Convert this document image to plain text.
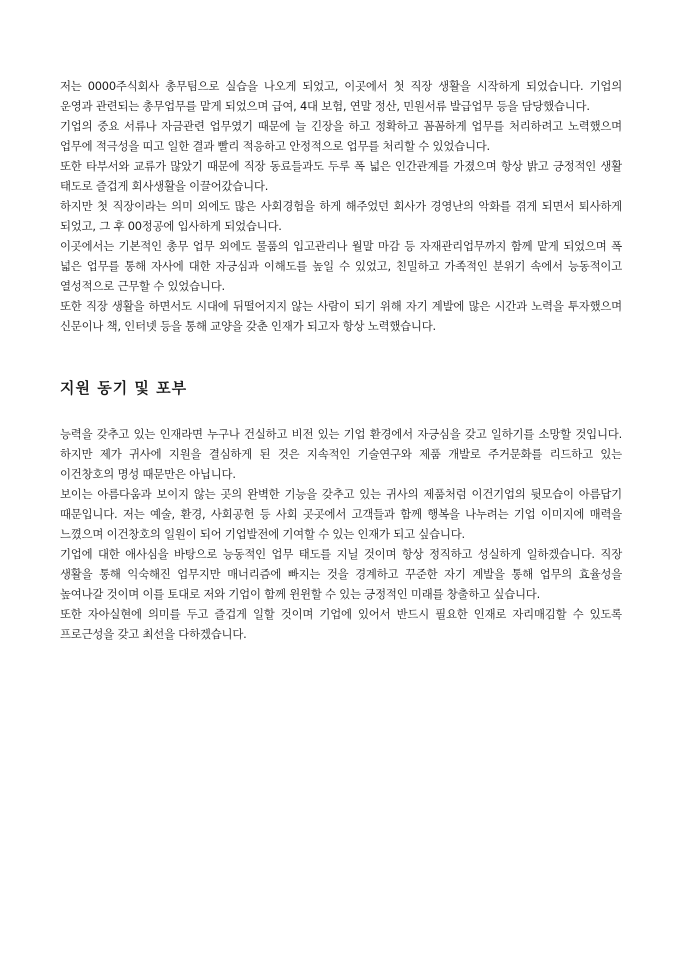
저는 0000주식회사 총무팀으로 실습을 나오게 되었고, 이곳에서 첫 직장 생활을 시작하게 되었습니다. 기업의 운영과 관련되는 총무업무를 맡게 되었으며 급여, 4대 보험, 연말 정산, 민원서류 발급업무 등을 담당했습니다.

기업의 중요 서류나 자금관련 업무였기 때문에 늘 긴장을 하고 정확하고 꼼꼼하게 업무를 처리하려고 노력했으며 업무에 적극성을 띠고 일한 결과 빨리 적응하고 안정적으로 업무를 처리할 수 있었습니다.

또한 타부서와 교류가 많았기 때문에 직장 동료들과도 두루 폭 넓은 인간관계를 가졌으며 항상 밝고 긍정적인 생활 태도로 즐겁게 회사생활을 이끌어갔습니다.

하지만 첫 직장이라는 의미 외에도 많은 사회경험을 하게 해주었던 회사가 경영난의 악화를 겪게 되면서 퇴사하게 되었고, 그 후 00정공에 입사하게 되었습니다.

이곳에서는 기본적인 총무 업무 외에도 물품의 입고관리나 월말 마감 등 자재관리업무까지 함께 맡게 되었으며 폭 넓은 업무를 통해 자사에 대한 자긍심과 이해도를 높일 수 있었고, 친밀하고 가족적인 분위기 속에서 능동적이고 열성적으로 근무할 수 있었습니다.

또한 직장 생활을 하면서도 시대에 뒤떨어지지 않는 사람이 되기 위해 자기 계발에 많은 시간과 노력을 투자했으며 신문이나 책, 인터넷 등을 통해 교양을 갖춘 인재가 되고자 항상 노력했습니다.

지원 동기 및 포부

능력을 갖추고 있는 인재라면 누구나 건실하고 비전 있는 기업 환경에서 자긍심을 갖고 일하기를 소망할 것입니다. 하지만 제가 귀사에 지원을 결심하게 된 것은 지속적인 기술연구와 제품 개발로 주거문화를 리드하고 있는 이건창호의 명성 때문만은 아닙니다.

보이는 아름다움과 보이지 않는 곳의 완벽한 기능을 갖추고 있는 귀사의 제품처럼 이건기업의 뒷모습이 아름답기 때문입니다. 저는 예술, 환경, 사회공헌 등 사회 곳곳에서 고객들과 함께 행복을 나누려는 기업 이미지에 매력을 느꼈으며 이건창호의 일원이 되어 기업발전에 기여할 수 있는 인재가 되고 싶습니다.

기업에 대한 애사심을 바탕으로 능동적인 업무 태도를 지닐 것이며 항상 정직하고 성실하게 일하겠습니다. 직장 생활을 통해 익숙해진 업무지만 매너리즘에 빠지는 것을 경계하고 꾸준한 자기 계발을 통해 업무의 효율성을 높여나갈 것이며 이를 토대로 저와 기업이 함께 윈윈할 수 있는 긍정적인 미래를 창출하고 싶습니다.

또한 자아실현에 의미를 두고 즐겁게 일할 것이며 기업에 있어서 반드시 필요한 인재로 자리매김할 수 있도록 프로근성을 갖고 최선을 다하겠습니다.
